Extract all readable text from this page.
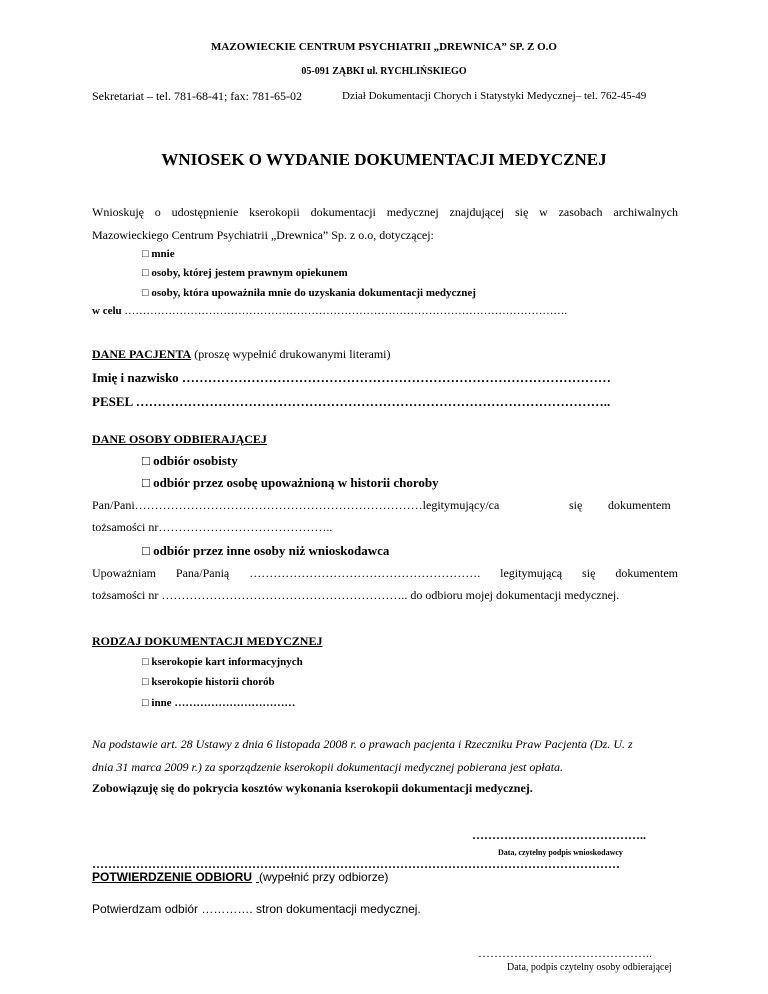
MAZOWIECKIE CENTRUM PSYCHIATRII „DREWNICA” SP. Z O.O
05-091 ZĄBKI ul. RYCHLIŃSKIEGO
Sekretariat – tel. 781-68-41; fax: 781-65-02	Dział Dokumentacji Chorych i Statystyki Medycznej– tel. 762-45-49
WNIOSEK O WYDANIE DOKUMENTACJI MEDYCZNEJ
Wnioskuję o udostępnienie kserokopii dokumentacji medycznej znajdującej się w zasobach archiwalnych
Mazowieckiego Centrum Psychiatrii „Drewnica” Sp. z o.o, dotyczącej:
□ mnie
□ osoby, której jestem prawnym opiekunem
□ osoby, która upoważniła mnie do uzyskania dokumentacji medycznej
w celu ………………………………………………………………………………………………………….
DANE PACJENTA (proszę wypełnić drukowanymi literami)
Imię i nazwisko ………………………………………………………………………………………
PESEL ………………………………………………………………………………………………..
DANE OSOBY ODBIERAJĄCEJ
□ odbiór osobisty
□ odbiór przez osobę upoważnioną w historii choroby
Pan/Pani………………………………………………………………legitymujący/ca	się dokumentem
tożsamości nr……………………………………..
□ odbiór przez inne osoby niż wnioskodawca
Upoważniam Pana/Panią …………………………………………………. legitymującą się dokumentem
tożsamości nr …………………………………………………….. do odbioru mojej dokumentacji medycznej.
RODZAJ DOKUMENTACJI MEDYCZNEJ
□ kserokopie kart informacyjnych
□ kserokopie historii chorób
□ inne ……………………………
Na podstawie art. 28 Ustawy z dnia 6 listopada 2008 r. o prawach pacjenta i Rzeczniku Praw Pacjenta (Dz. U. z
dnia 31 marca 2009 r.) za sporządzenie kserokopii dokumentacji medycznej pobierana jest opłata.
Zobowiązuję się do pokrycia kosztów wykonania kserokopii dokumentacji medycznej.
……………………………………..
Data, czytelny podpis wnioskodawcy
……………………………………………………………………………………………………………………
POTWIERDZENIE ODBIORU (wypełnić przy odbiorze)
Potwierdzam odbiór …………. stron dokumentacji medycznej.
……………………………………..
Data, podpis czytelny osoby odbierającej
